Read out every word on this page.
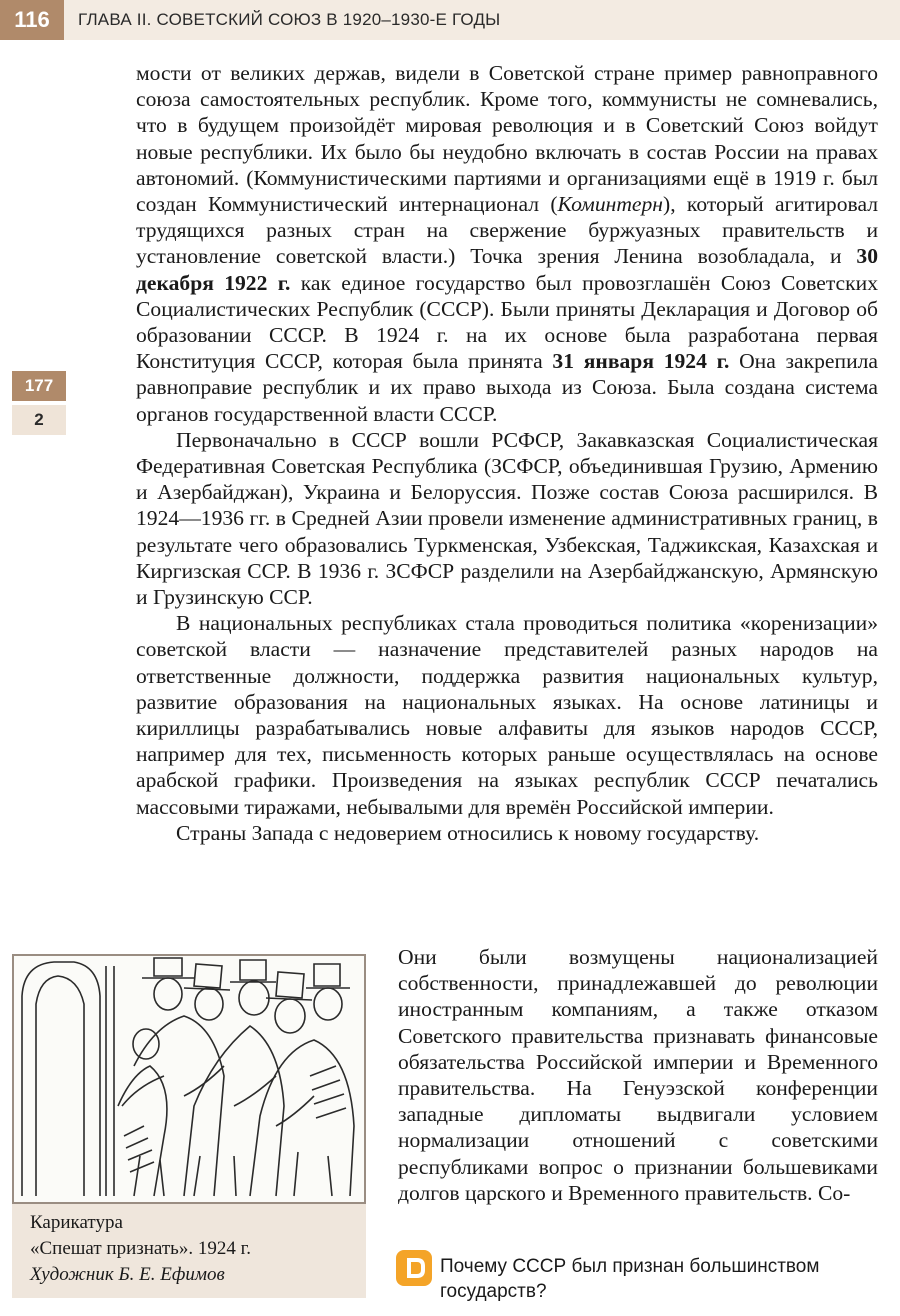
116	ГЛАВА II. СОВЕТСКИЙ СОЮЗ В 1920–1930-Е ГОДЫ
177
2

мости от великих держав, видели в Советской стране пример равноправного союза самостоятельных республик. Кроме того, коммунисты не сомневались, что в будущем произойдёт мировая революция и в Советский Союз войдут новые республики. Их было бы неудобно включать в состав России на правах автономий. (Коммунистическими партиями и организациями ещё в 1919 г. был создан Коммунистический интернационал (Коминтерн), который агитировал трудящихся разных стран на свержение буржуазных правительств и установление советской власти.) Точка зрения Ленина возобладала, и 30 декабря 1922 г. как единое государство был провозглашён Союз Советских Социалистических Республик (СССР). Были приняты Декларация и Договор об образовании СССР. В 1924 г. на их основе была разработана первая Конституция СССР, которая была принята 31 января 1924 г. Она закрепила равноправие республик и их право выхода из Союза. Была создана система органов государственной власти СССР.

Первоначально в СССР вошли РСФСР, Закавказская Социалистическая Федеративная Советская Республика (ЗСФСР, объединившая Грузию, Армению и Азербайджан), Украина и Белоруссия. Позже состав Союза расширился. В 1924—1936 гг. в Средней Азии провели изменение административных границ, в результате чего образовались Туркменская, Узбекская, Таджикская, Казахская и Киргизская ССР. В 1936 г. ЗСФСР разделили на Азербайджанскую, Армянскую и Грузинскую ССР.

В национальных республиках стала проводиться политика «коренизации» советской власти — назначение представителей разных народов на ответственные должности, поддержка развития национальных культур, развитие образования на национальных языках. На основе латиницы и кириллицы разрабатывались новые алфавиты для языков народов СССР, например для тех, письменность которых раньше осуществлялась на основе арабской графики. Произведения на языках республик СССР печатались массовыми тиражами, небывалыми для времён Российской империи.

Страны Запада с недоверием относились к новому государству.

Они были возмущены национализацией собственности, принадлежавшей до революции иностранным компаниям, а также отказом Советского правительства признавать финансовые обязательства Российской империи и Временного правительства. На Генуэзской конференции западные дипломаты выдвигали условием нормализации отношений с советскими республиками вопрос о признании большевиками долгов царского и Временного правительств. Со-
Карикатура
«Спешат признать». 1924 г.
Художник Б. Е. Ефимов	Почему СССР был признан большинством государств?
